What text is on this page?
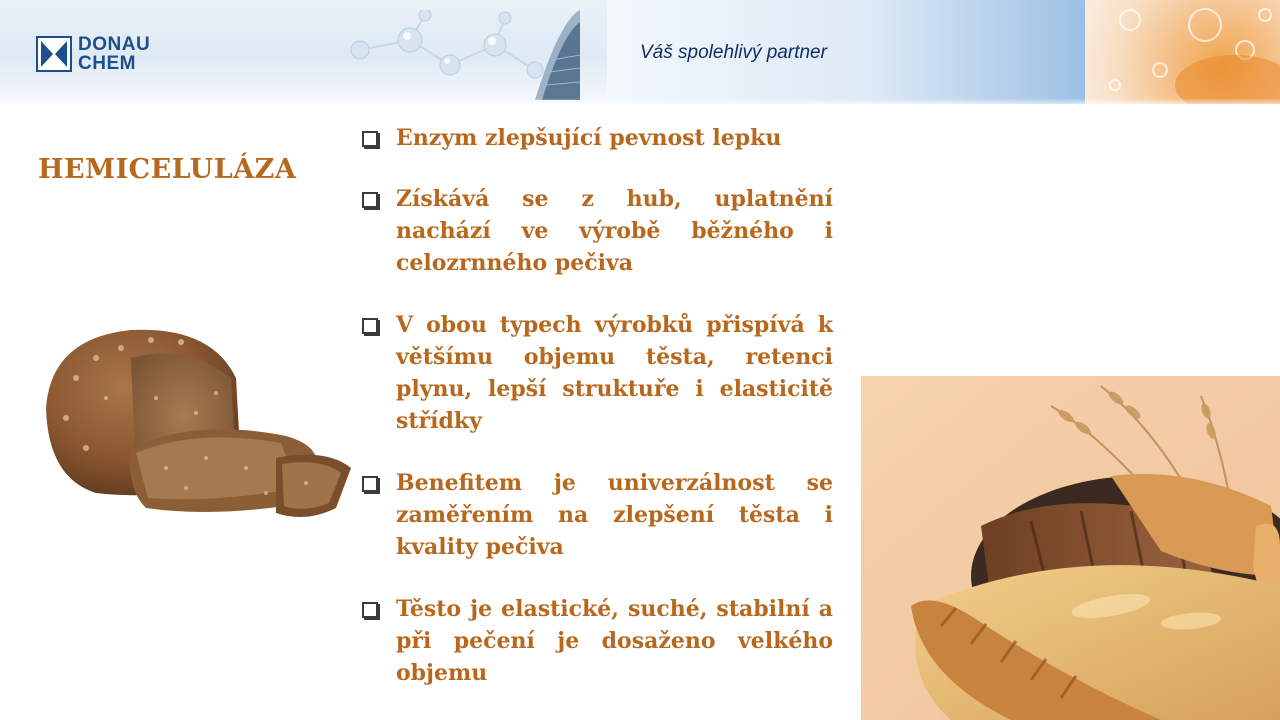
DONAU
CHEM
Váš spolehlivý partner
HEMICELULÁZA
Enzym zlepšující pevnost lepku
Získává se z hub, uplatnění nachází ve výrobě běžného i celozrnného pečiva
V obou typech výrobků přispívá k většímu objemu těsta, retenci plynu, lepší struktuře i elasticitě střídky
Benefitem je univerzálnost se zaměřením na zlepšení těsta i kvality pečiva
Těsto je elastické, suché, stabilní a při pečení je dosaženo velkého objemu
